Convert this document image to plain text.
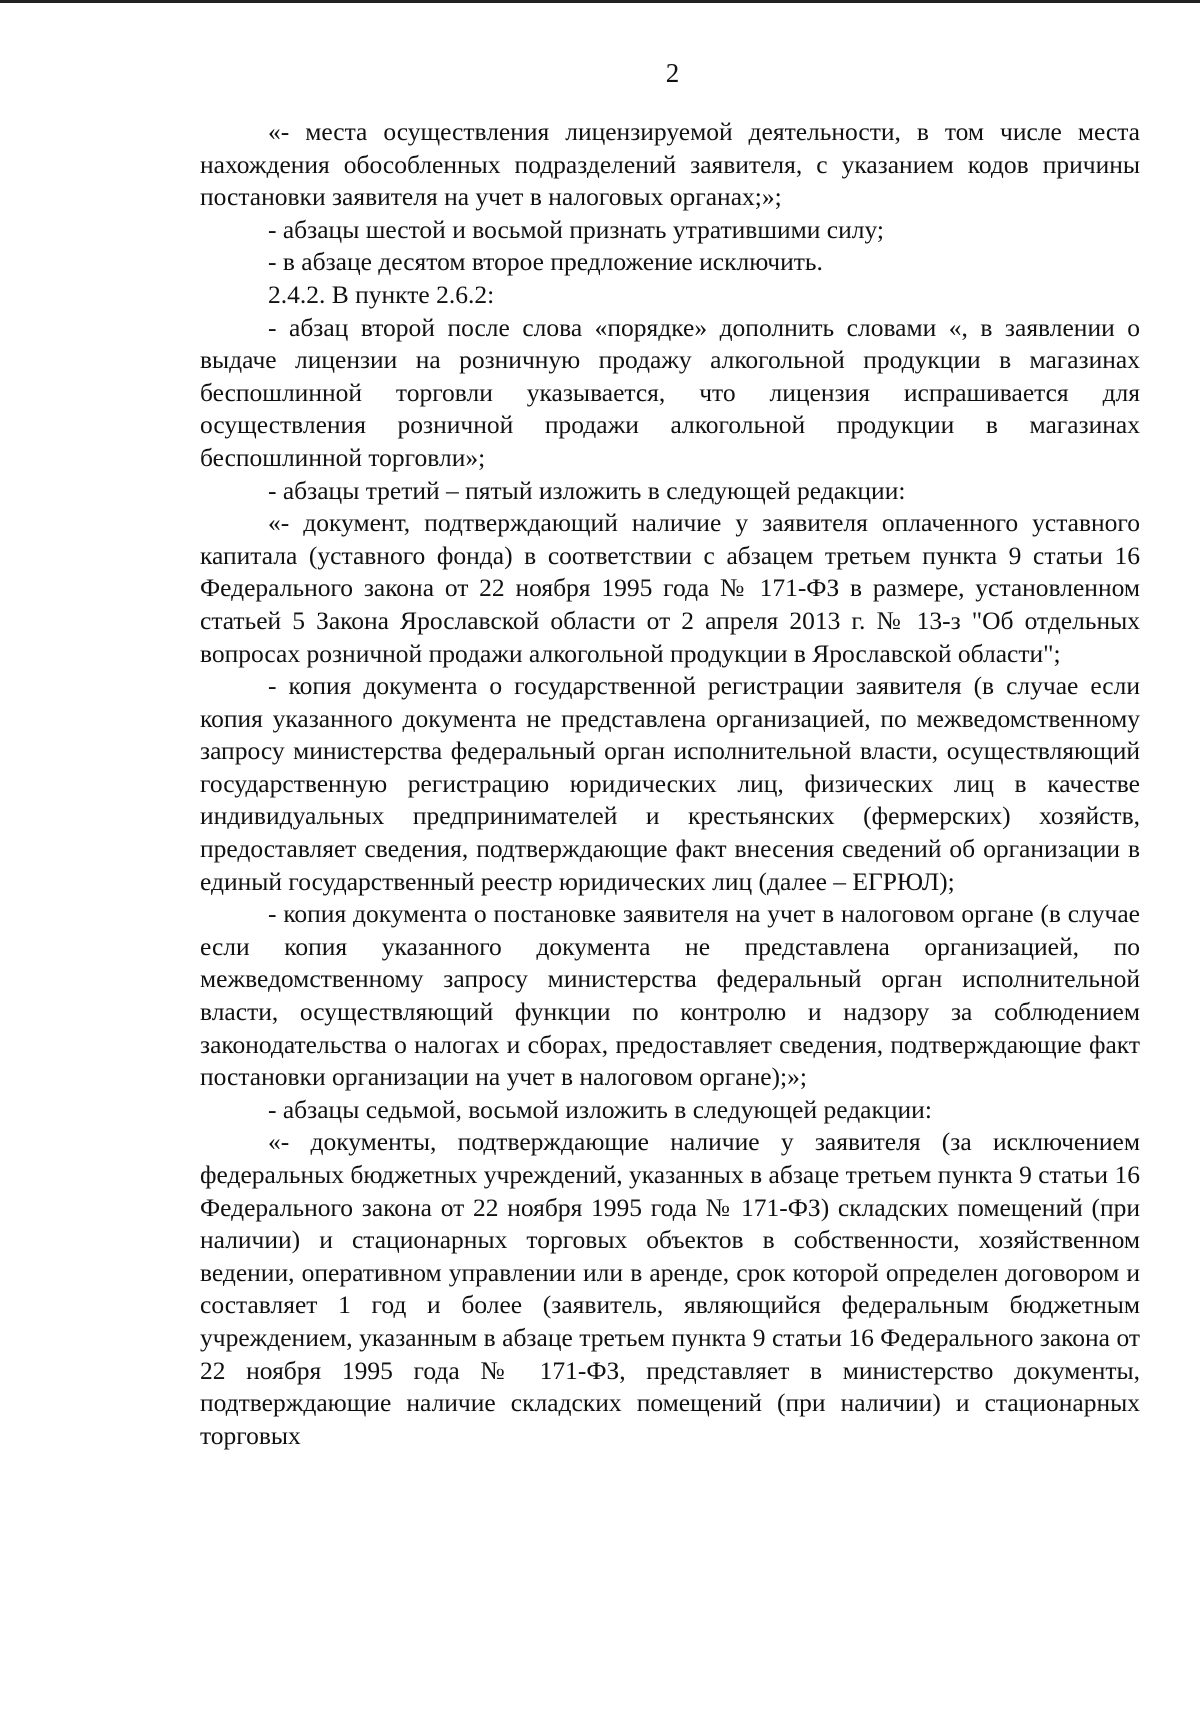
2

«- места осуществления лицензируемой деятельности, в том числе места нахождения обособленных подразделений заявителя, с указанием кодов причины постановки заявителя на учет в налоговых органах;»;

- абзацы шестой и восьмой признать утратившими силу;

- в абзаце десятом второе предложение исключить.

2.4.2. В пункте 2.6.2:

- абзац второй после слова «порядке» дополнить словами «, в заявлении о выдаче лицензии на розничную продажу алкогольной продукции в магазинах беспошлинной торговли указывается, что лицензия испрашивается для осуществления розничной продажи алкогольной продукции в магазинах беспошлинной торговли»;

- абзацы третий – пятый изложить в следующей редакции:

«- документ, подтверждающий наличие у заявителя оплаченного уставного капитала (уставного фонда) в соответствии с абзацем третьем пункта 9 статьи 16 Федерального закона от 22 ноября 1995 года № 171-ФЗ в размере, установленном статьей 5 Закона Ярославской области от 2 апреля 2013 г. № 13-з "Об отдельных вопросах розничной продажи алкогольной продукции в Ярославской области";

- копия документа о государственной регистрации заявителя (в случае если копия указанного документа не представлена организацией, по межведомственному запросу министерства федеральный орган исполнительной власти, осуществляющий государственную регистрацию юридических лиц, физических лиц в качестве индивидуальных предпринимателей и крестьянских (фермерских) хозяйств, предоставляет сведения, подтверждающие факт внесения сведений об организации в единый государственный реестр юридических лиц (далее – ЕГРЮЛ);

- копия документа о постановке заявителя на учет в налоговом органе (в случае если копия указанного документа не представлена организацией, по межведомственному запросу министерства федеральный орган исполнительной власти, осуществляющий функции по контролю и надзору за соблюдением законодательства о налогах и сборах, предоставляет сведения, подтверждающие факт постановки организации на учет в налоговом органе);»;

- абзацы седьмой, восьмой изложить в следующей редакции:

«- документы, подтверждающие наличие у заявителя (за исключением федеральных бюджетных учреждений, указанных в абзаце третьем пункта 9 статьи 16 Федерального закона от 22 ноября 1995 года № 171-ФЗ) складских помещений (при наличии) и стационарных торговых объектов в собственности, хозяйственном ведении, оперативном управлении или в аренде, срок которой определен договором и составляет 1 год и более (заявитель, являющийся федеральным бюджетным учреждением, указанным в абзаце третьем пункта 9 статьи 16 Федерального закона от 22 ноября 1995 года № 171-ФЗ, представляет в министерство документы, подтверждающие наличие складских помещений (при наличии) и стационарных торговых
